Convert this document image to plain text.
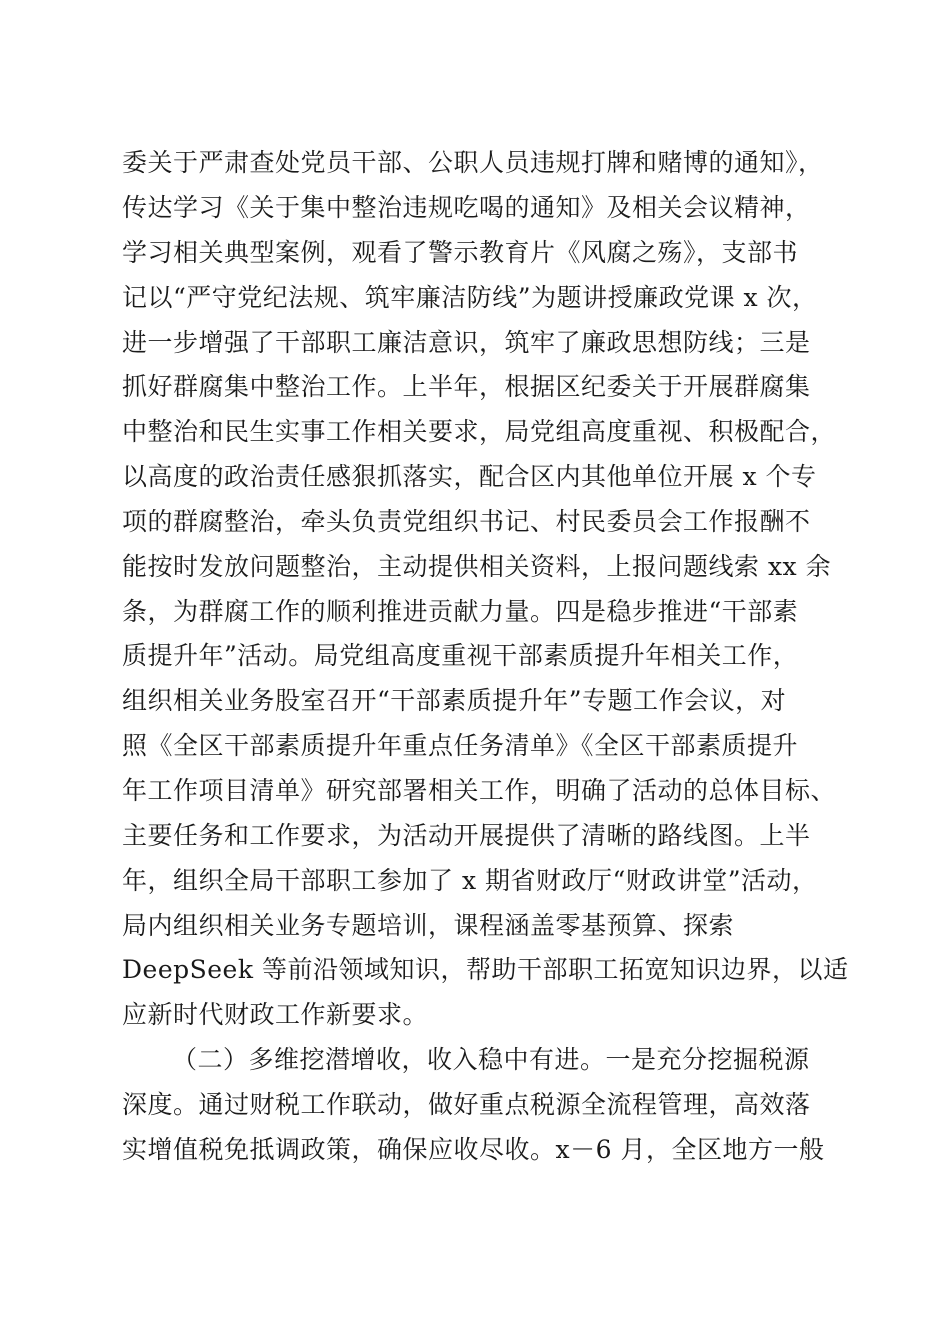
委关于严肃查处党员干部、公职人员违规打牌和赌博的通知》，
传达学习《关于集中整治违规吃喝的通知》及相关会议精神，
学习相关典型案例，观看了警示教育片《风腐之殇》，支部书
记以“严守党纪法规、筑牢廉洁防线”为题讲授廉政党课 x 次，
进一步增强了干部职工廉洁意识，筑牢了廉政思想防线；三是
抓好群腐集中整治工作。上半年，根据区纪委关于开展群腐集
中整治和民生实事工作相关要求，局党组高度重视、积极配合，
以高度的政治责任感狠抓落实，配合区内其他单位开展 x 个专
项的群腐整治，牵头负责党组织书记、村民委员会工作报酬不
能按时发放问题整治，主动提供相关资料，上报问题线索 xx 余
条，为群腐工作的顺利推进贡献力量。四是稳步推进“干部素
质提升年”活动。局党组高度重视干部素质提升年相关工作，
组织相关业务股室召开“干部素质提升年”专题工作会议，对
照《全区干部素质提升年重点任务清单》《全区干部素质提升
年工作项目清单》研究部署相关工作，明确了活动的总体目标、
主要任务和工作要求，为活动开展提供了清晰的路线图。上半
年，组织全局干部职工参加了 x 期省财政厅“财政讲堂”活动，
局内组织相关业务专题培训，课程涵盖零基预算、探索
DeepSeek 等前沿领域知识，帮助干部职工拓宽知识边界，以适
应新时代财政工作新要求。
（二）多维挖潜增收，收入稳中有进。一是充分挖掘税源
深度。通过财税工作联动，做好重点税源全流程管理，高效落
实增值税免抵调政策，确保应收尽收。x－6 月，全区地方一般
